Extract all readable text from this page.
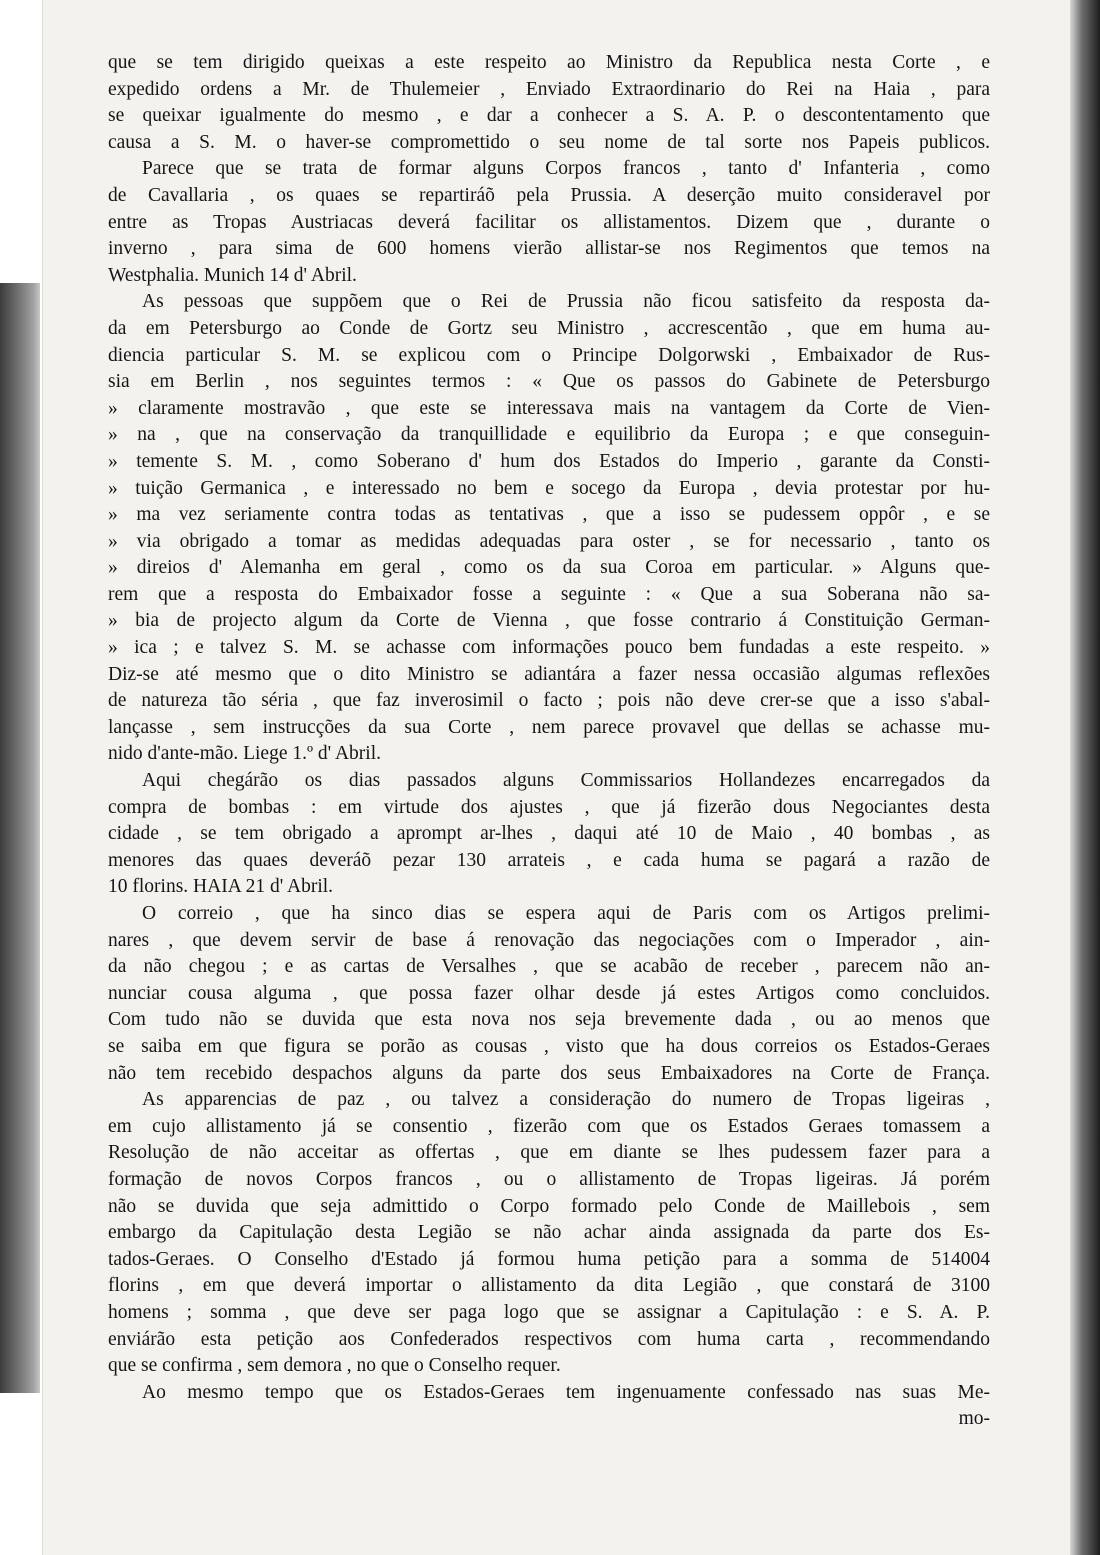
que se tem dirigido queixas a este respeito ao Ministro da Republica nesta Corte , e

expedido ordens a Mr. de Thulemeier , Enviado Extraordinario do Rei na Haia , para

se queixar igualmente do mesmo , e dar a conhecer a S. A. P. o descontentamento que

causa a S. M. o haver-se compromettido o seu nome de tal sorte nos Papeis publicos.

Parece que se trata de formar alguns Corpos francos , tanto d' Infanteria , como

de Cavallaria , os quaes se repartiráõ pela Prussia. A deserção muito consideravel por

entre as Tropas Austriacas deverá facilitar os allistamentos. Dizem que , durante o

inverno , para sima de 600 homens vierão allistar-se nos Regimentos que temos na

Westphalia. Munich 14 d' Abril.

As pessoas que suppõem que o Rei de Prussia não ficou satisfeito da resposta da-

da em Petersburgo ao Conde de Gortz seu Ministro , accrescentão , que em huma au-

diencia particular S. M. se explicou com o Principe Dolgorwski , Embaixador de Rus-

sia em Berlin , nos seguintes termos : « Que os passos do Gabinete de Petersburgo

» claramente mostravão , que este se interessava mais na vantagem da Corte de Vien-

» na , que na conservação da tranquillidade e equilibrio da Europa ; e que conseguin-

» temente S. M. , como Soberano d' hum dos Estados do Imperio , garante da Consti-

» tuição Germanica , e interessado no bem e socego da Europa , devia protestar por hu-

» ma vez seriamente contra todas as tentativas , que a isso se pudessem oppôr , e se

» via obrigado a tomar as medidas adequadas para oster , se for necessario , tanto os

» direios d' Alemanha em geral , como os da sua Coroa em particular. » Alguns que-

rem que a resposta do Embaixador fosse a seguinte : « Que a sua Soberana não sa-

» bia de projecto algum da Corte de Vienna , que fosse contrario á Constituição German-

» ica ; e talvez S. M. se achasse com informações pouco bem fundadas a este respeito. »

Diz-se até mesmo que o dito Ministro se adiantára a fazer nessa occasião algumas reflexões

de natureza tão séria , que faz inverosimil o facto ; pois não deve crer-se que a isso s'abal-

lançasse , sem instrucções da sua Corte , nem parece provavel que dellas se achasse mu-

nido d'ante-mão. Liege 1.º d' Abril.

Aqui chegárão os dias passados alguns Commissarios Hollandezes encarregados da

compra de bombas : em virtude dos ajustes , que já fizerão dous Negociantes desta

cidade , se tem obrigado a aprompt ar-lhes , daqui até 10 de Maio , 40 bombas , as

menores das quaes deveráõ pezar 130 arrateis , e cada huma se pagará a razão de

10 florins. HAIA 21 d' Abril.

O correio , que ha sinco dias se espera aqui de Paris com os Artigos prelimi-

nares , que devem servir de base á renovação das negociações com o Imperador , ain-

da não chegou ; e as cartas de Versalhes , que se acabão de receber , parecem não an-

nunciar cousa alguma , que possa fazer olhar desde já estes Artigos como concluidos.

Com tudo não se duvida que esta nova nos seja brevemente dada , ou ao menos que

se saiba em que figura se porão as cousas , visto que ha dous correios os Estados-Geraes

não tem recebido despachos alguns da parte dos seus Embaixadores na Corte de França.

As apparencias de paz , ou talvez a consideração do numero de Tropas ligeiras ,

em cujo allistamento já se consentio , fizerão com que os Estados Geraes tomassem a

Resolução de não acceitar as offertas , que em diante se lhes pudessem fazer para a

formação de novos Corpos francos , ou o allistamento de Tropas ligeiras. Já porém

não se duvida que seja admittido o Corpo formado pelo Conde de Maillebois , sem

embargo da Capitulação desta Legião se não achar ainda assignada da parte dos Es-

tados-Geraes. O Conselho d'Estado já formou huma petição para a somma de 514004

florins , em que deverá importar o allistamento da dita Legião , que constará de 3100

homens ; somma , que deve ser paga logo que se assignar a Capitulação : e S. A. P.

enviárão esta petição aos Confederados respectivos com huma carta , recommendando

que se confirma , sem demora , no que o Conselho requer.

Ao mesmo tempo que os Estados-Geraes tem ingenuamente confessado nas suas Me-

mo-
